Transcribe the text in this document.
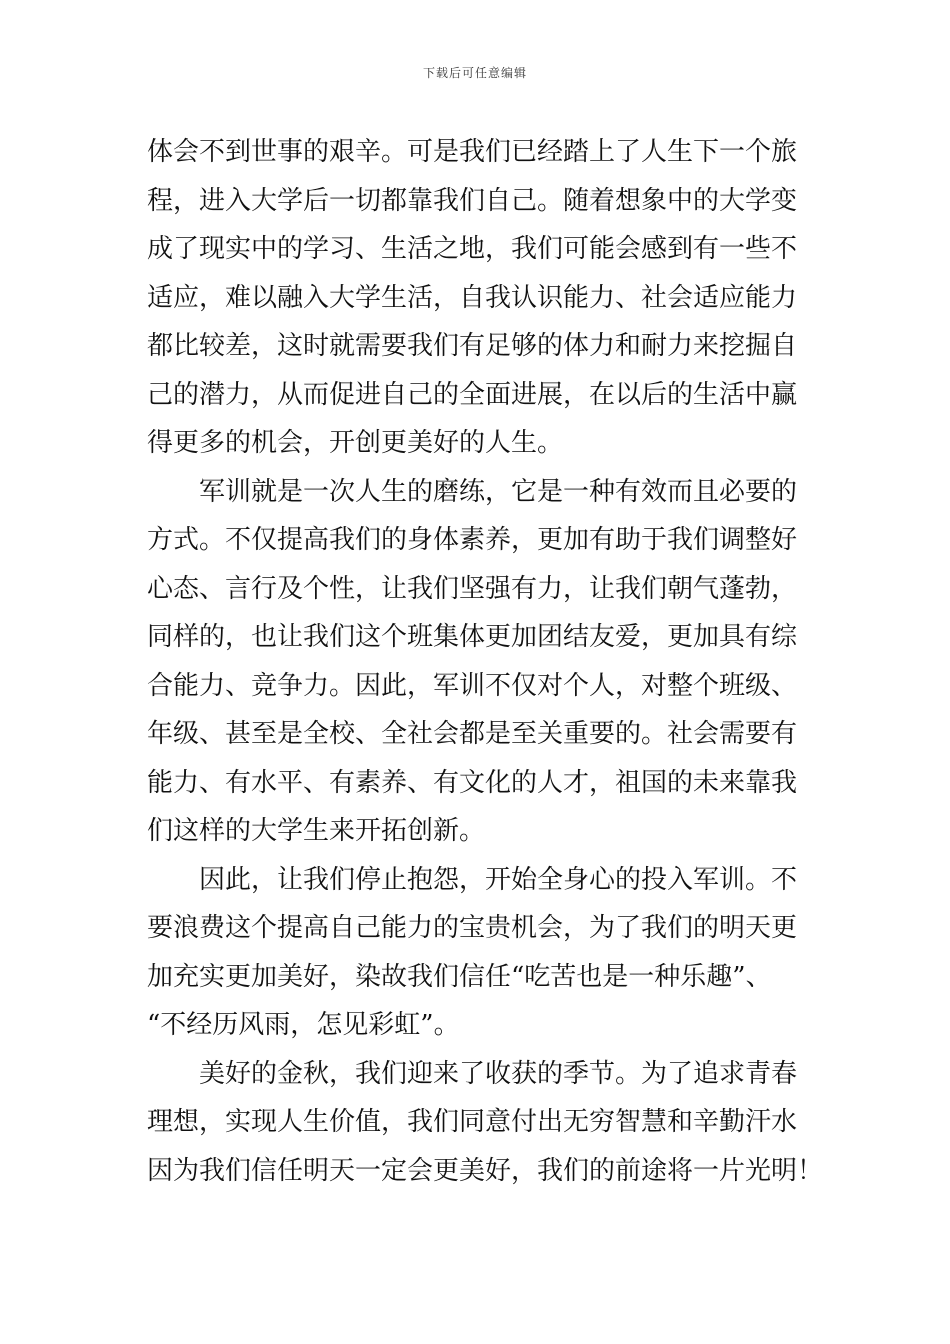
下载后可任意编辑
体会不到世事的艰辛。可是我们已经踏上了人生下一个旅
程，进入大学后一切都靠我们自己。随着想象中的大学变
成了现实中的学习、生活之地，我们可能会感到有一些不
适应，难以融入大学生活，自我认识能力、社会适应能力
都比较差，这时就需要我们有足够的体力和耐力来挖掘自
己的潜力，从而促进自己的全面进展，在以后的生活中赢
得更多的机会，开创更美好的人生。
军训就是一次人生的磨练，它是一种有效而且必要的
方式。不仅提高我们的身体素养，更加有助于我们调整好
心态、言行及个性，让我们坚强有力，让我们朝气蓬勃，
同样的，也让我们这个班集体更加团结友爱，更加具有综
合能力、竞争力。因此，军训不仅对个人，对整个班级、
年级、甚至是全校、全社会都是至关重要的。社会需要有
能力、有水平、有素养、有文化的人才，祖国的未来靠我
们这样的大学生来开拓创新。
因此，让我们停止抱怨，开始全身心的投入军训。不
要浪费这个提高自己能力的宝贵机会，为了我们的明天更
加充实更加美好，染故我们信任“吃苦也是一种乐趣”、
“不经历风雨，怎见彩虹”。
美好的金秋，我们迎来了收获的季节。为了追求青春
理想，实现人生价值，我们同意付出无穷智慧和辛勤汗水
因为我们信任明天一定会更美好，我们的前途将一片光明！
